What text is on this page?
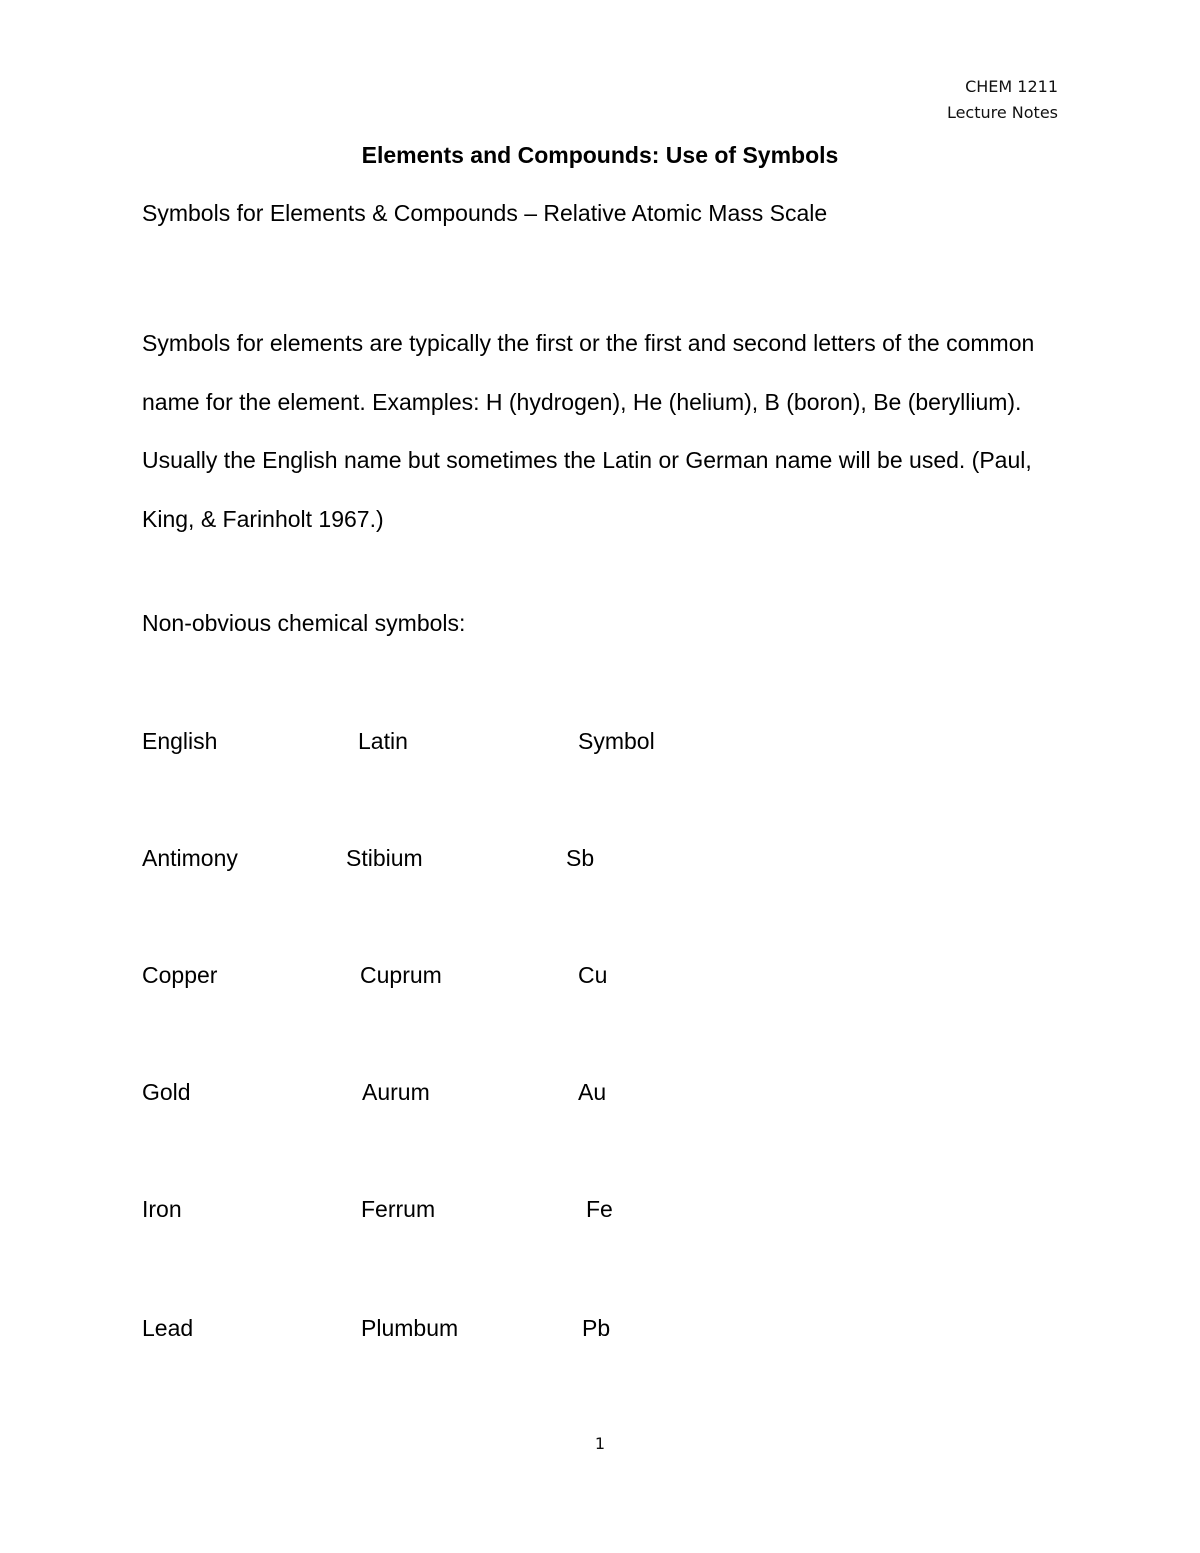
CHEM 1211
Lecture Notes
Elements and Compounds: Use of Symbols

Symbols for Elements & Compounds – Relative Atomic Mass Scale

Symbols for elements are typically the first or the first and second letters of the common name for the element. Examples: H (hydrogen), He (helium), B (boron), Be (beryllium). Usually the English name but sometimes the Latin or German name will be used. (Paul, King, & Farinholt 1967.)

Non-obvious chemical symbols:

English	Latin	Symbol
Antimony	Stibium	Sb
Copper	Cuprum	Cu
Gold	Aurum	Au
Iron	Ferrum	Fe
Lead	Plumbum	Pb
1
